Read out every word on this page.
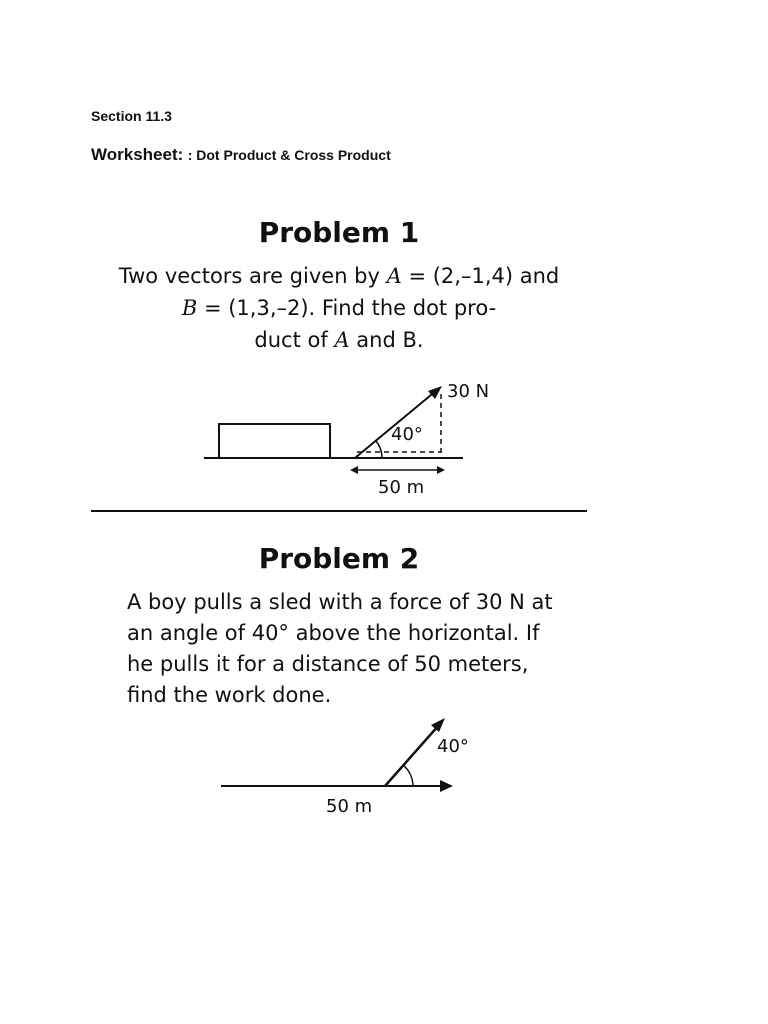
Section 11.3
Worksheet: : Dot Product & Cross Product
Problem 1
Two vectors are given by A = (2,–1,4) and
B = (1,3,–2). Find the dot pro-
duct of A and B.
30 N
40°
50 m
Problem 2
A boy pulls a sled with a force of 30 N at
an angle of 40° above the horizontal. If
he pulls it for a distance of 50 meters,
find the work done.
40°
50 m
